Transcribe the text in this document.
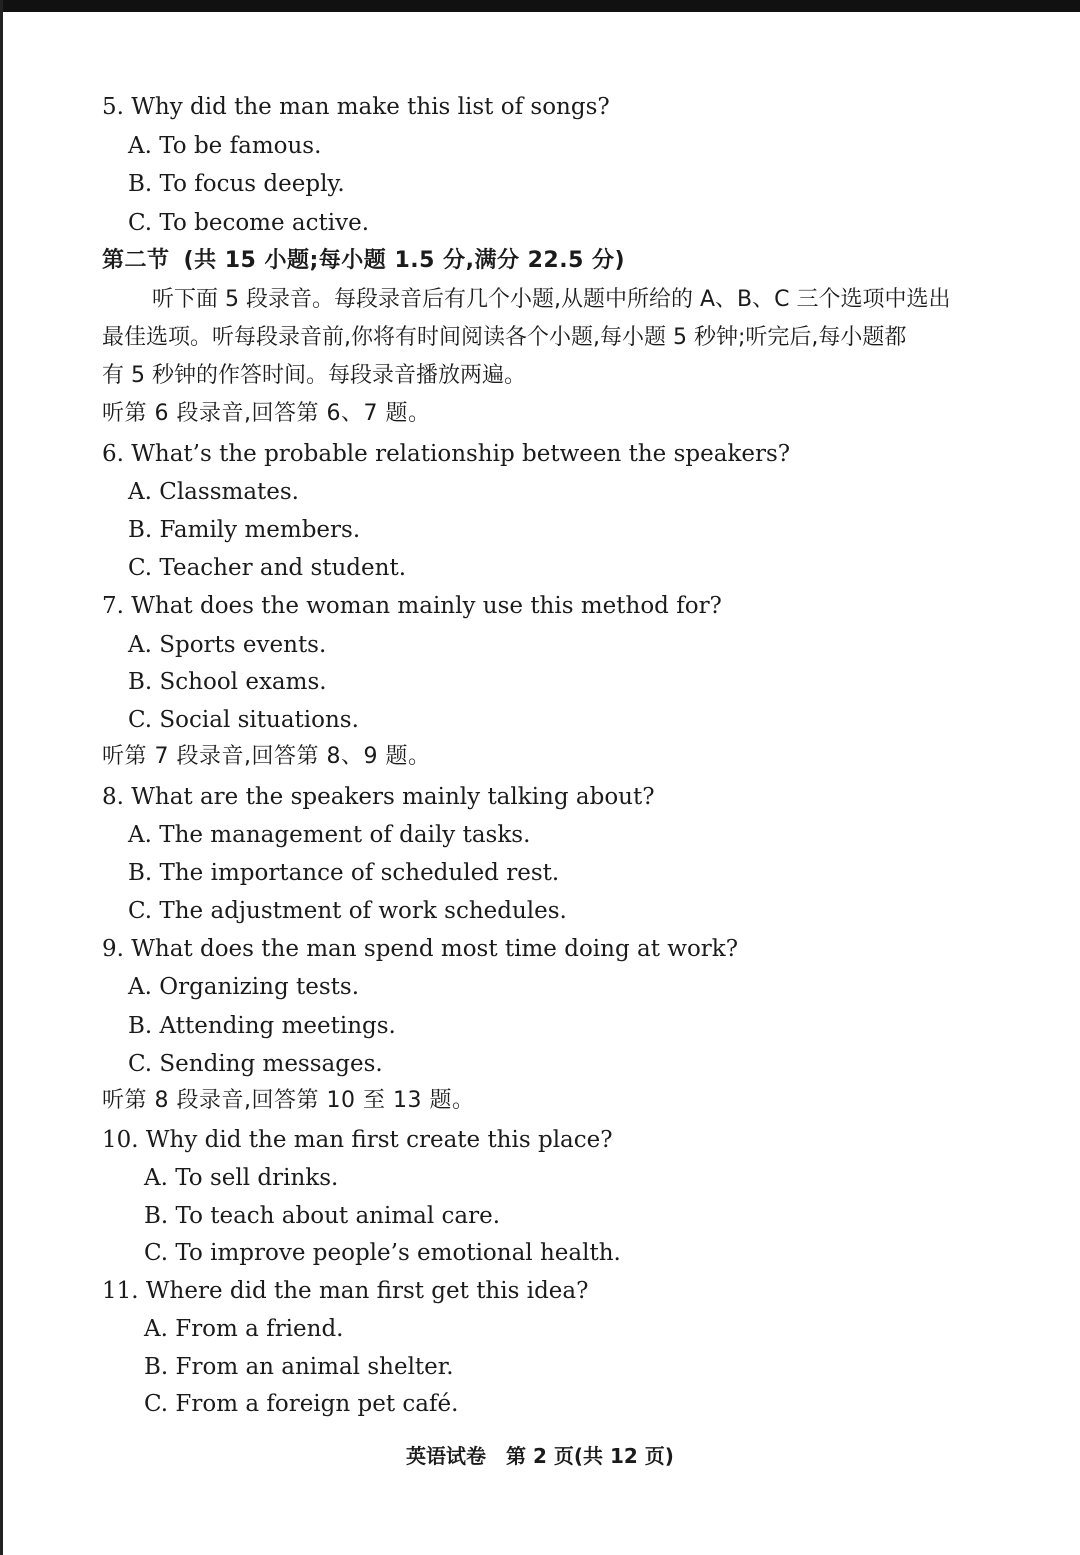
5. Why did the man make this list of songs?
A. To be famous.
B. To focus deeply.
C. To become active.
第二节 (共 15 小题;每小题 1.5 分,满分 22.5 分)
听下面 5 段录音。每段录音后有几个小题,从题中所给的 A、B、C 三个选项中选出
最佳选项。听每段录音前,你将有时间阅读各个小题,每小题 5 秒钟;听完后,每小题都
有 5 秒钟的作答时间。每段录音播放两遍。
听第 6 段录音,回答第 6、7 题。
6. What’s the probable relationship between the speakers?
A. Classmates.
B. Family members.
C. Teacher and student.
7. What does the woman mainly use this method for?
A. Sports events.
B. School exams.
C. Social situations.
听第 7 段录音,回答第 8、9 题。
8. What are the speakers mainly talking about?
A. The management of daily tasks.
B. The importance of scheduled rest.
C. The adjustment of work schedules.
9. What does the man spend most time doing at work?
A. Organizing tests.
B. Attending meetings.
C. Sending messages.
听第 8 段录音,回答第 10 至 13 题。
10. Why did the man first create this place?
A. To sell drinks.
B. To teach about animal care.
C. To improve people’s emotional health.
11. Where did the man first get this idea?
A. From a friend.
B. From an animal shelter.
C. From a foreign pet café.
英语试卷 第 2 页(共 12 页)
